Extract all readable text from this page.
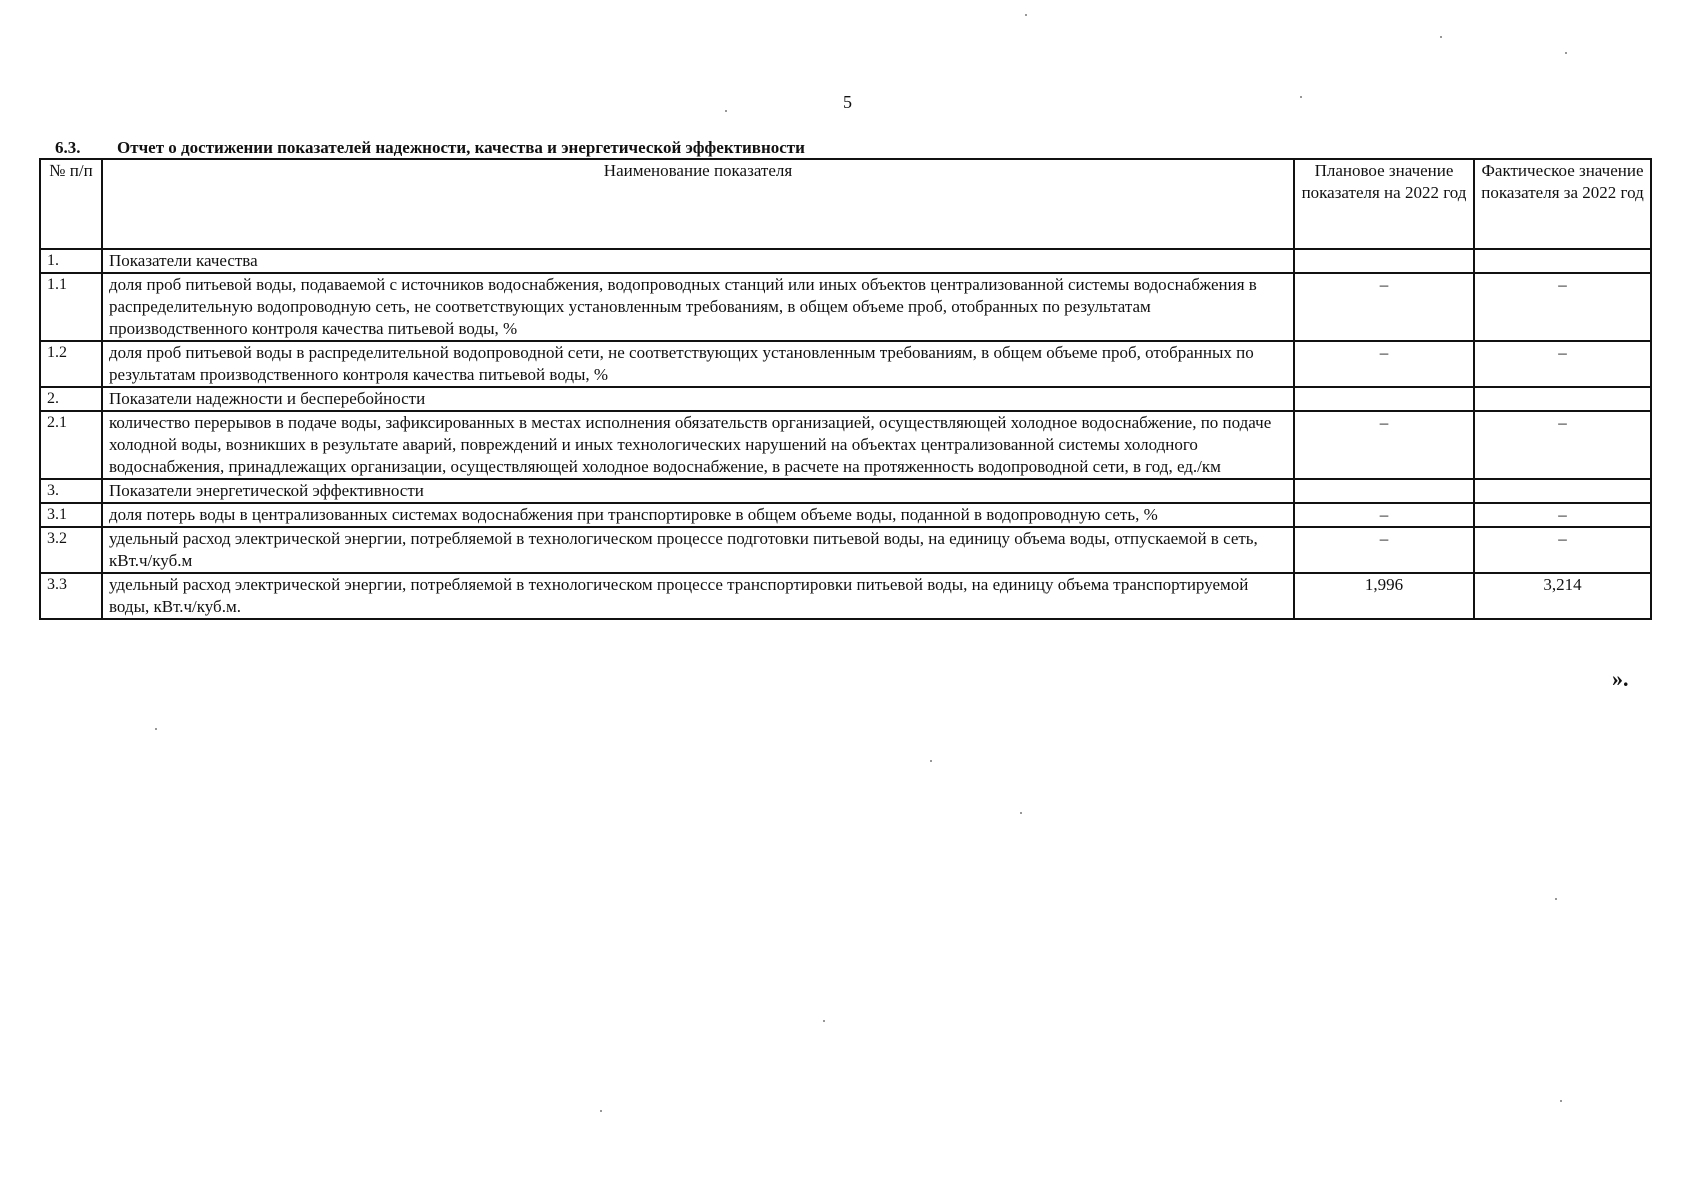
5
6.3. Отчет о достижении показателей надежности, качества и энергетической эффективности
№ п/п	Наименование показателя	Плановое значение показателя на 2022 год	Фактическое значение показателя за 2022 год
1.	Показатели качества		
1.1	доля проб питьевой воды, подаваемой с источников водоснабжения, водопроводных станций или иных объектов централизованной системы водоснабжения в распределительную водопроводную сеть, не соответствующих установленным требованиям, в общем объеме проб, отобранных по результатам производственного контроля качества питьевой воды, %	–	–
1.2	доля проб питьевой воды в распределительной водопроводной сети, не соответствующих установленным требованиям, в общем объеме проб, отобранных по результатам производственного контроля качества питьевой воды, %	–	–
2.	Показатели надежности и бесперебойности		
2.1	количество перерывов в подаче воды, зафиксированных в местах исполнения обязательств организацией, осуществляющей холодное водоснабжение, по подаче холодной воды, возникших в результате аварий, повреждений и иных технологических нарушений на объектах централизованной системы холодного водоснабжения, принадлежащих организации, осуществляющей холодное водоснабжение, в расчете на протяженность водопроводной сети, в год, ед./км	–	–
3.	Показатели энергетической эффективности		
3.1	доля потерь воды в централизованных системах водоснабжения при транспортировке в общем объеме воды, поданной в водопроводную сеть, %	–	–
3.2	удельный расход электрической энергии, потребляемой в технологическом процессе подготовки питьевой воды, на единицу объема воды, отпускаемой в сеть, кВт.ч/куб.м	–	–
3.3	удельный расход электрической энергии, потребляемой в технологическом процессе транспортировки питьевой воды, на единицу объема транспортируемой воды, кВт.ч/куб.м.	1,996	3,214
».
